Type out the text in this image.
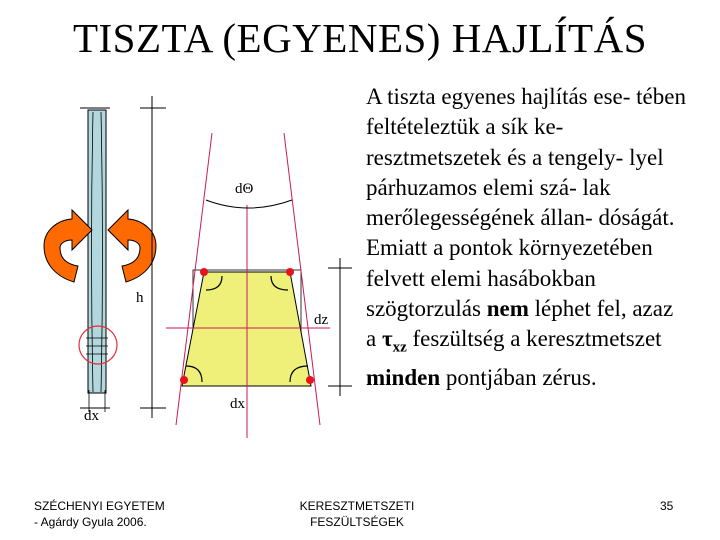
TISZTA (EGYENES) HAJLÍTÁS
dx
h
dΘ
dz
dx
A tiszta egyenes hajlítás ese- tében feltételeztük a sík ke- resztmetszetek és a tengely- lyel párhuzamos elemi szá- lak merőlegességének állan- dóságát. Emiatt a pontok környezetében felvett elemi hasábokban szögtorzulás nem léphet fel, azaz a $\tau_{xz}$ feszültség a keresztmetszet minden pontjában zérus.
SZÉCHENYI EGYETEM
- Agárdy Gyula 2006.
KERESZTMETSZETI
FESZÜLTSÉGEK
35
